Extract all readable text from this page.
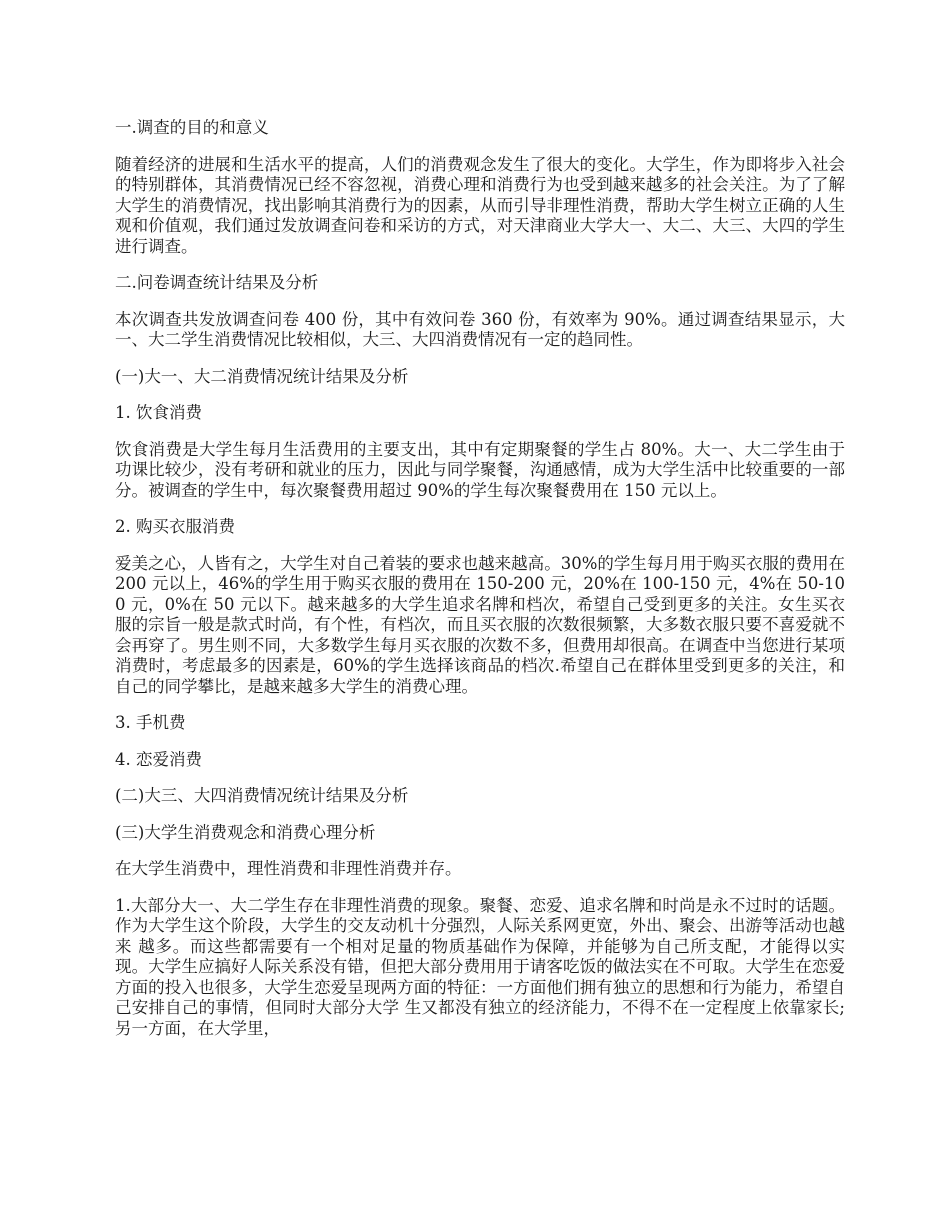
一.调查的目的和意义

随着经济的进展和生活水平的提高，人们的消费观念发生了很大的变化。大学生，作为即将步入社会的特别群体，其消费情况已经不容忽视，消费心理和消费行为也受到越来越多的社会关注。为了了解大学生的消费情况，找出影响其消费行为的因素，从而引导非理性消费，帮助大学生树立正确的人生观和价值观，我们通过发放调查问卷和采访的方式，对天津商业大学大一、大二、大三、大四的学生进行调查。

二.问卷调查统计结果及分析

本次调查共发放调查问卷 400 份，其中有效问卷 360 份，有效率为 90%。通过调查结果显示，大一、大二学生消费情况比较相似，大三、大四消费情况有一定的趋同性。

(一)大一、大二消费情况统计结果及分析

1. 饮食消费

饮食消费是大学生每月生活费用的主要支出，其中有定期聚餐的学生占 80%。大一、大二学生由于功课比较少，没有考研和就业的压力，因此与同学聚餐，沟通感情，成为大学生活中比较重要的一部分。被调查的学生中，每次聚餐费用超过 90%的学生每次聚餐费用在 150 元以上。

2. 购买衣服消费

爱美之心，人皆有之，大学生对自己着装的要求也越来越高。30%的学生每月用于购买衣服的费用在 200 元以上，46%的学生用于购买衣服的费用在 150-200 元，20%在 100-150 元，4%在 50-100 元，0%在 50 元以下。越来越多的大学生追求名牌和档次，希望自己受到更多的关注。女生买衣服的宗旨一般是款式时尚，有个性，有档次，而且买衣服的次数很频繁，大多数衣服只要不喜爱就不会再穿了。男生则不同，大多数学生每月买衣服的次数不多，但费用却很高。在调查中当您进行某项消费时，考虑最多的因素是，60%的学生选择该商品的档次.希望自己在群体里受到更多的关注，和自己的同学攀比，是越来越多大学生的消费心理。

3. 手机费

4. 恋爱消费

(二)大三、大四消费情况统计结果及分析

(三)大学生消费观念和消费心理分析

在大学生消费中，理性消费和非理性消费并存。

1.大部分大一、大二学生存在非理性消费的现象。聚餐、恋爱、追求名牌和时尚是永不过时的话题。作为大学生这个阶段，大学生的交友动机十分强烈，人际关系网更宽，外出、聚会、出游等活动也越来 越多。而这些都需要有一个相对足量的物质基础作为保障，并能够为自己所支配，才能得以实现。大学生应搞好人际关系没有错，但把大部分费用用于请客吃饭的做法实在不可取。大学生在恋爱方面的投入也很多，大学生恋爱呈现两方面的特征：一方面他们拥有独立的思想和行为能力，希望自己安排自己的事情，但同时大部分大学 生又都没有独立的经济能力，不得不在一定程度上依靠家长;另一方面，在大学里，
